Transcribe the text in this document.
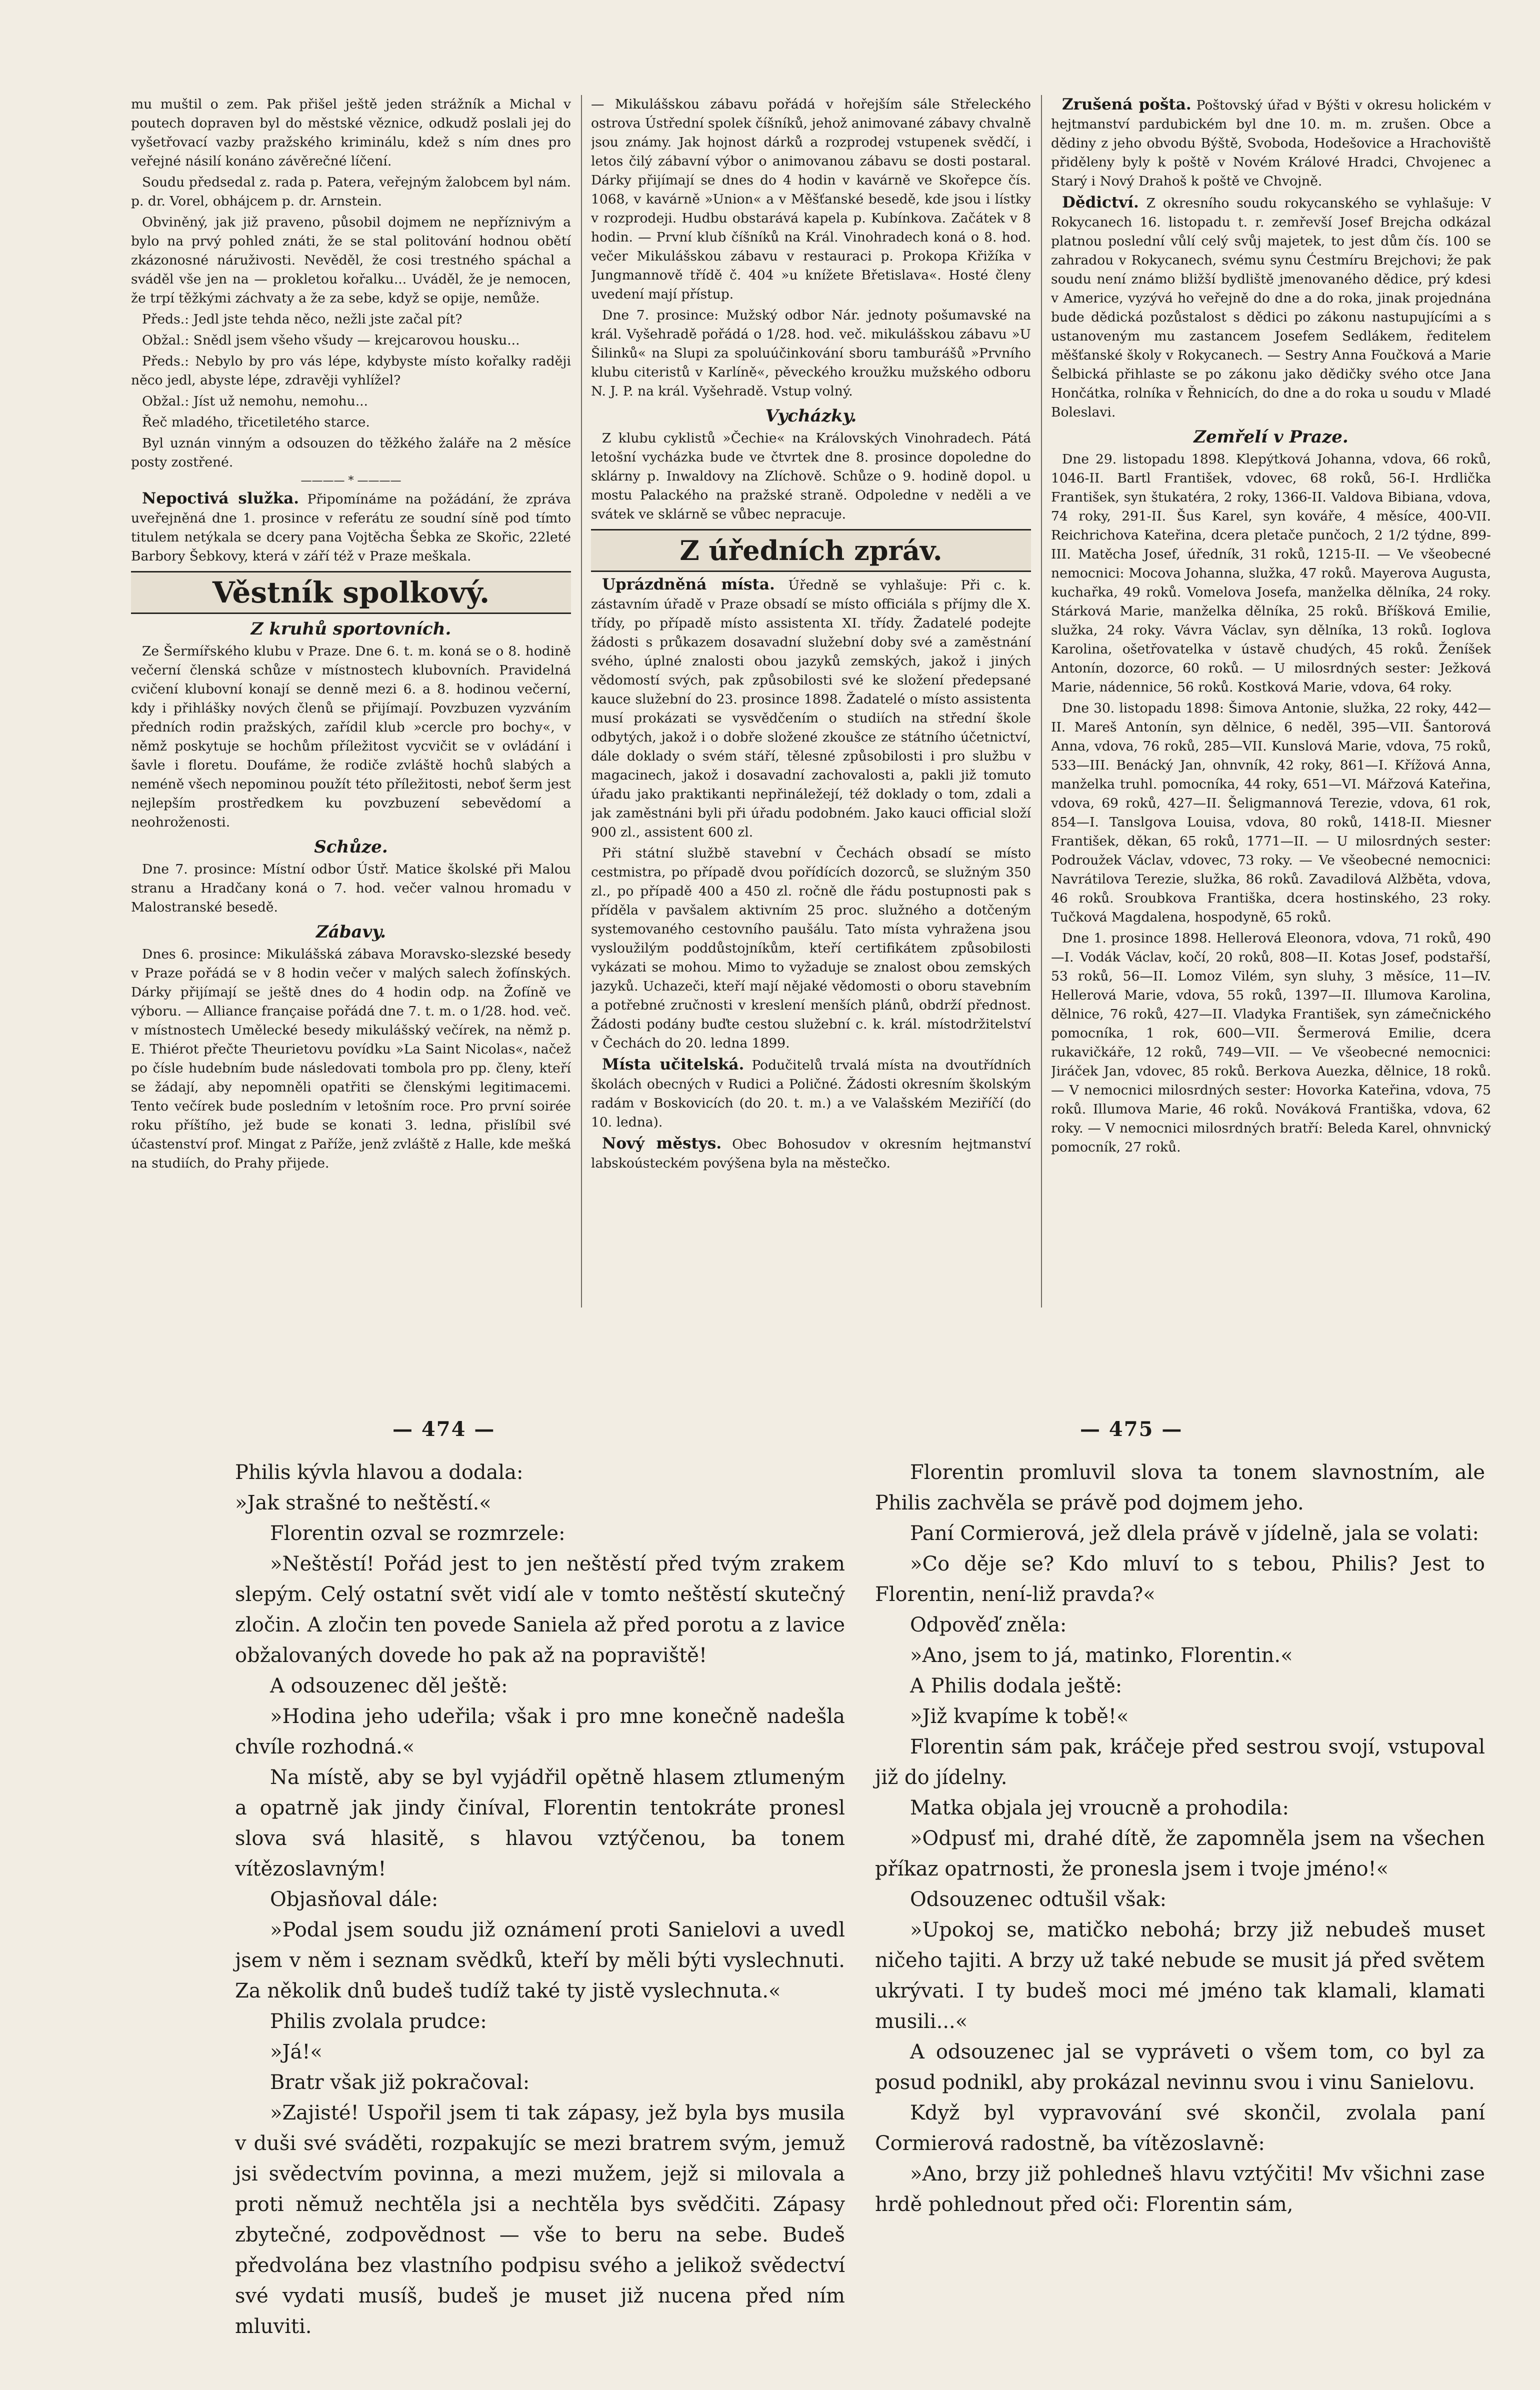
mu muštil o zem. Pak přišel ještě jeden strážník a Michal v poutech dopraven byl do městské věznice, odkudž poslali jej do vyšetřovací vazby pražského kriminálu, kdež s ním dnes pro veřejné násilí konáno závěrečné líčení.

Soudu předsedal z. rada p. Patera, veřejným žalobcem byl nám. p. dr. Vorel, obhájcem p. dr. Arnstein.

Obviněný, jak již praveno, působil dojmem ne nepříznivým a bylo na prvý pohled znáti, že se stal politování hodnou obětí zkázonosné náruživosti. Nevěděl, že cosi trestného spáchal a sváděl vše jen na — prokletou kořalku... Uváděl, že je nemocen, že trpí těžkými záchvaty a že za sebe, když se opije, nemůže.

Předs.: Jedl jste tehda něco, nežli jste začal pít?

Obžal.: Snědl jsem všeho všudy — krejcarovou housku...

Předs.: Nebylo by pro vás lépe, kdybyste místo kořalky raději něco jedl, abyste lépe, zdravěji vyhlížel?

Obžal.: Jíst už nemohu, nemohu...

Řeč mladého, třicetiletého starce.

Byl uznán vinným a odsouzen do těžkého žaláře na 2 měsíce posty zostřené.

———— * ————

Nepoctivá služka. Připomínáme na požádání, že zpráva uveřejněná dne 1. prosince v referátu ze soudní síně pod tímto titulem netýkala se dcery pana Vojtěcha Šebka ze Skořic, 22leté Barbory Šebkovy, která v září též v Praze meškala.

Věstník spolkový.
Z kruhů sportovních.

Ze Šermířského klubu v Praze. Dne 6. t. m. koná se o 8. hodině večerní členská schůze v místnostech klubovních. Pravidelná cvičení klubovní konají se denně mezi 6. a 8. hodinou večerní, kdy i přihlášky nových členů se přijímají. Povzbuzen vyzváním předních rodin pražských, zařídil klub »cercle pro bochy«, v němž poskytuje se hochům příležitost vycvičit se v ovládání i šavle i floretu. Doufáme, že rodiče zvláště hochů slabých a neméně všech nepominou použít této příležitosti, neboť šerm jest nejlepším prostředkem ku povzbuzení sebevědomí a neohroženosti.

Schůze.

Dne 7. prosince: Místní odbor Ústř. Matice školské při Malou stranu a Hradčany koná o 7. hod. večer valnou hromadu v Malostranské besedě.

Zábavy.

Dnes 6. prosince: Mikulášská zábava Moravsko-slezské besedy v Praze pořádá se v 8 hodin večer v malých salech žofínských. Dárky přijímají se ještě dnes do 4 hodin odp. na Žofíně ve výboru. — Alliance française pořádá dne 7. t. m. o 1/28. hod. več. v místnostech Umělecké besedy mikulášský večírek, na němž p. E. Thiérot přečte Theurietovu povídku »La Saint Nicolas«, načež po čísle hudebním bude následovati tombola pro pp. členy, kteří se žádají, aby nepomněli opatřiti se členskými legitimacemi. Tento večírek bude posledním v letošním roce. Pro první soirée roku příštího, jež bude se konati 3. ledna, přislíbil své účastenství prof. Mingat z Paříže, jenž zvláště z Halle, kde mešká na studiích, do Prahy přijede.

— Mikulášskou zábavu pořádá v hořejším sále Střeleckého ostrova Ústřední spolek číšníků, jehož animované zábavy chvalně jsou známy. Jak hojnost dárků a rozprodej vstupenek svědčí, i letos čilý zábavní výbor o animovanou zábavu se dosti postaral. Dárky přijímají se dnes do 4 hodin v kavárně ve Skořepce čís. 1068, v kavárně »Union« a v Měšťanské besedě, kde jsou i lístky v rozprodeji. Hudbu obstarává kapela p. Kubínkova. Začátek v 8 hodin. — První klub číšníků na Král. Vinohradech koná o 8. hod. večer Mikulášskou zábavu v restauraci p. Prokopa Křižíka v Jungmannově třídě č. 404 »u knížete Břetislava«. Hosté členy uvedení mají přístup.

Dne 7. prosince: Mužský odbor Nár. jednoty pošumavské na král. Vyšehradě pořádá o 1/28. hod. več. mikulášskou zábavu »U Šilinků« na Slupi za spoluúčinkování sboru tamburášů »Prvního klubu citeristů v Karlíně«, pěveckého kroužku mužského odboru N. J. P. na král. Vyšehradě. Vstup volný.

Vycházky.

Z klubu cyklistů »Čechie« na Královských Vinohradech. Pátá letošní vycházka bude ve čtvrtek dne 8. prosince dopoledne do sklárny p. Inwaldovy na Zlíchově. Schůze o 9. hodině dopol. u mostu Palackého na pražské straně. Odpoledne v neděli a ve svátek ve sklárně se vůbec nepracuje.

Z úředních zpráv.

Uprázdněná místa. Úředně se vyhlašuje: Při c. k. zástavním úřadě v Praze obsadí se místo officiála s příjmy dle X. třídy, po případě místo assistenta XI. třídy. Žadatelé podejte žádosti s průkazem dosavadní služební doby své a zaměstnání svého, úplné znalosti obou jazyků zemských, jakož i jiných vědomostí svých, pak způsobilosti své ke složení předepsané kauce služební do 23. prosince 1898. Žadatelé o místo assistenta musí prokázati se vysvědčením o studiích na střední škole odbytých, jakož i o dobře složené zkoušce ze státního účetnictví, dále doklady o svém stáří, tělesné způsobilosti i pro službu v magacinech, jakož i dosavadní zachovalosti a, pakli již tomuto úřadu jako praktikanti nepřináležejí, též doklady o tom, zdali a jak zaměstnáni byli při úřadu podobném. Jako kauci official složí 900 zl., assistent 600 zl.

Při státní službě stavební v Čechách obsadí se místo cestmistra, po případě dvou pořídících dozorců, se služným 350 zl., po případě 400 a 450 zl. ročně dle řádu postupnosti pak s příděla v pavšalem aktivním 25 proc. služného a dotčeným systemovaného cestovního paušálu. Tato místa vyhražena jsou vysloužilým poddůstojníkům, kteří certifikátem způsobilosti vykázati se mohou. Mimo to vyžaduje se znalost obou zemských jazyků. Uchazeči, kteří mají nějaké vědomosti o oboru stavebním a potřebné zručnosti v kreslení menších plánů, obdrží přednost. Žádosti podány buďte cestou služební c. k. král. místodržitelství v Čechách do 20. ledna 1899.

Místa učitelská. Podučitelů trvalá místa na dvoutřídních školách obecných v Rudici a Poličné. Žádosti okresním školským radám v Boskovicích (do 20. t. m.) a ve Valašském Meziříčí (do 10. ledna).

Nový městys. Obec Bohosudov v okresním hejtmanství labskoústeckém povýšena byla na městečko.

Zrušená pošta. Poštovský úřad v Býšti v okresu holickém v hejtmanství pardubickém byl dne 10. m. m. zrušen. Obce a dědiny z jeho obvodu Býště, Svoboda, Hodešovice a Hrachoviště přiděleny byly k poště v Novém Králové Hradci, Chvojenec a Starý i Nový Drahoš k poště ve Chvojně.

Dědictví. Z okresního soudu rokycanského se vyhlašuje: V Rokycanech 16. listopadu t. r. zemřevší Josef Brejcha odkázal platnou poslední vůlí celý svůj majetek, to jest dům čís. 100 se zahradou v Rokycanech, svému synu Ćestmíru Brejchovi; že pak soudu není známo bližší bydliště jmenovaného dědice, prý kdesi v Americe, vyzývá ho veřejně do dne a do roka, jinak projednána bude dědická pozůstalost s dědici po zákonu nastupujícími a s ustanoveným mu zastancem Josefem Sedlákem, ředitelem měšťanské školy v Rokycanech. — Sestry Anna Foučková a Marie Šelbická přihlaste se po zákonu jako dědičky svého otce Jana Hončátka, rolníka v Řehnicích, do dne a do roka u soudu v Mladé Boleslavi.

Zemřelí v Praze.

Dne 29. listopadu 1898. Klepýtková Johanna, vdova, 66 roků, 1046-II. Bartl František, vdovec, 68 roků, 56-I. Hrdlička František, syn štukatéra, 2 roky, 1366-II. Valdova Bibiana, vdova, 74 roky, 291-II. Šus Karel, syn kováře, 4 měsíce, 400-VII. Reichrichova Kateřina, dcera pletače punčoch, 2 1/2 týdne, 899-III. Matěcha Josef, úředník, 31 roků, 1215-II. — Ve všeobecné nemocnici: Mocova Johanna, služka, 47 roků. Mayerova Augusta, kuchařka, 49 roků. Vomelova Josefa, manželka dělníka, 24 roky. Stárková Marie, manželka dělníka, 25 roků. Bříšková Emilie, služka, 24 roky. Vávra Václav, syn dělníka, 13 roků. Ioglova Karolina, ošetřovatelka v ústavě chudých, 45 roků. Ženíšek Antonín, dozorce, 60 roků. — U milosrdných sester: Ježková Marie, nádennice, 56 roků. Kostková Marie, vdova, 64 roky.

Dne 30. listopadu 1898: Šimova Antonie, služka, 22 roky, 442—II. Mareš Antonín, syn dělnice, 6 neděl, 395—VII. Šantorová Anna, vdova, 76 roků, 285—VII. Kunslová Marie, vdova, 75 roků, 533—III. Benácký Jan, ohnvník, 42 roky, 861—I. Křížová Anna, manželka truhl. pomocníka, 44 roky, 651—VI. Mářzová Kateřina, vdova, 69 roků, 427—II. Šeligmannová Terezie, vdova, 61 rok, 854—I. Tanslgova Louisa, vdova, 80 roků, 1418-II. Miesner František, děkan, 65 roků, 1771—II. — U milosrdných sester: Podroužek Václav, vdovec, 73 roky. — Ve všeobecné nemocnici: Navrátilova Terezie, služka, 86 roků. Zavadilová Alžběta, vdova, 46 roků. Sroubkova Františka, dcera hostinského, 23 roky. Tučková Magdalena, hospodyně, 65 roků.

Dne 1. prosince 1898. Hellerová Eleonora, vdova, 71 roků, 490—I. Vodák Václav, kočí, 20 roků, 808—II. Kotas Josef, podstařší, 53 roků, 56—II. Lomoz Vilém, syn sluhy, 3 měsíce, 11—IV. Hellerová Marie, vdova, 55 roků, 1397—II. Illumova Karolina, dělnice, 76 roků, 427—II. Vladyka František, syn zámečnického pomocníka, 1 rok, 600—VII. Šermerová Emilie, dcera rukavičkáře, 12 roků, 749—VII. — Ve všeobecné nemocnici: Jiráček Jan, vdovec, 85 roků. Berkova Auezka, dělnice, 18 roků. — V nemocnici milosrdných sester: Hovorka Kateřina, vdova, 75 roků. Illumova Marie, 46 roků. Nováková Františka, vdova, 62 roky. — V nemocnici milosrdných bratří: Beleda Karel, ohnvnický pomocník, 27 roků.

— 474 —	— 475 —

Philis kývla hlavou a dodala:

»Jak strašné to neštěstí.«

Florentin ozval se rozmrzele:

»Neštěstí! Pořád jest to jen neštěstí před tvým zrakem slepým. Celý ostatní svět vidí ale v tomto neštěstí skutečný zločin. A zločin ten povede Saniela až před porotu a z lavice obžalovaných dovede ho pak až na popraviště!

A odsouzenec děl ještě:

»Hodina jeho udeřila; však i pro mne konečně nadešla chvíle rozhodná.«

Na místě, aby se byl vyjádřil opětně hlasem ztlumeným a opatrně jak jindy činíval, Florentin tentokráte pronesl slova svá hlasitě, s hlavou vztýčenou, ba tonem vítězoslavným!

Objasňoval dále:

»Podal jsem soudu již oznámení proti Sanielovi a uvedl jsem v něm i seznam svědků, kteří by měli býti vyslechnuti. Za několik dnů budeš tudíž také ty jistě vyslechnuta.«

Philis zvolala prudce:

»Já!«

Bratr však již pokračoval:

»Zajisté! Uspořil jsem ti tak zápasy, jež byla bys musila v duši své sváděti, rozpakujíc se mezi bratrem svým, jemuž jsi svědectvím povinna, a mezi mužem, jejž si milovala a proti němuž nechtěla jsi a nechtěla bys svědčiti. Zápasy zbytečné, zodpovědnost — vše to beru na sebe. Budeš předvolána bez vlastního podpisu svého a jelikož svědectví své vydati musíš, budeš je muset již nucena před ním mluviti.

Florentin promluvil slova ta tonem slavnostním, ale Philis zachvěla se právě pod dojmem jeho.

Paní Cormierová, jež dlela právě v jídelně, jala se volati:

»Co děje se? Kdo mluví to s tebou, Philis? Jest to Florentin, není-liž pravda?«

Odpověď zněla:

»Ano, jsem to já, matinko, Florentin.«

A Philis dodala ještě:

»Již kvapíme k tobě!«

Florentin sám pak, kráčeje před sestrou svojí, vstupoval již do jídelny.

Matka objala jej vroucně a prohodila:

»Odpusť mi, drahé dítě, že zapomněla jsem na všechen příkaz opatrnosti, že pronesla jsem i tvoje jméno!«

Odsouzenec odtušil však:

»Upokoj se, matičko nebohá; brzy již nebudeš muset ničeho tajiti. A brzy už také nebude se musit já před světem ukrývati. I ty budeš moci mé jméno tak klamali, klamati musili...«

A odsouzenec jal se vypráveti o všem tom, co byl za posud podnikl, aby prokázal nevinnu svou i vinu Sanielovu.

Když byl vypravování své skončil, zvolala paní Cormierová radostně, ba vítězoslavně:

»Ano, brzy již pohledneš hlavu vztýčiti! Mv všichni zase hrdě pohlednout před oči: Florentin sám,
